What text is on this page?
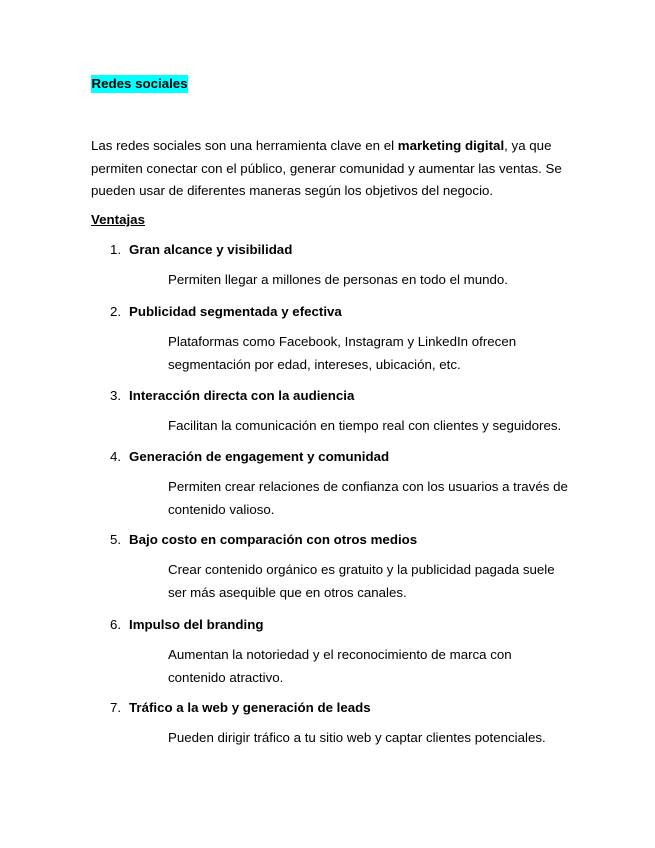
Redes sociales

Las redes sociales son una herramienta clave en el marketing digital, ya que permiten conectar con el público, generar comunidad y aumentar las ventas. Se pueden usar de diferentes maneras según los objetivos del negocio.

Ventajas
1. Gran alcance y visibilidad
Permiten llegar a millones de personas en todo el mundo.
2. Publicidad segmentada y efectiva
Plataformas como Facebook, Instagram y LinkedIn ofrecen segmentación por edad, intereses, ubicación, etc.
3. Interacción directa con la audiencia
Facilitan la comunicación en tiempo real con clientes y seguidores.
4. Generación de engagement y comunidad
Permiten crear relaciones de confianza con los usuarios a través de contenido valioso.
5. Bajo costo en comparación con otros medios
Crear contenido orgánico es gratuito y la publicidad pagada suele ser más asequible que en otros canales.
6. Impulso del branding
Aumentan la notoriedad y el reconocimiento de marca con contenido atractivo.
7. Tráfico a la web y generación de leads
Pueden dirigir tráfico a tu sitio web y captar clientes potenciales.
